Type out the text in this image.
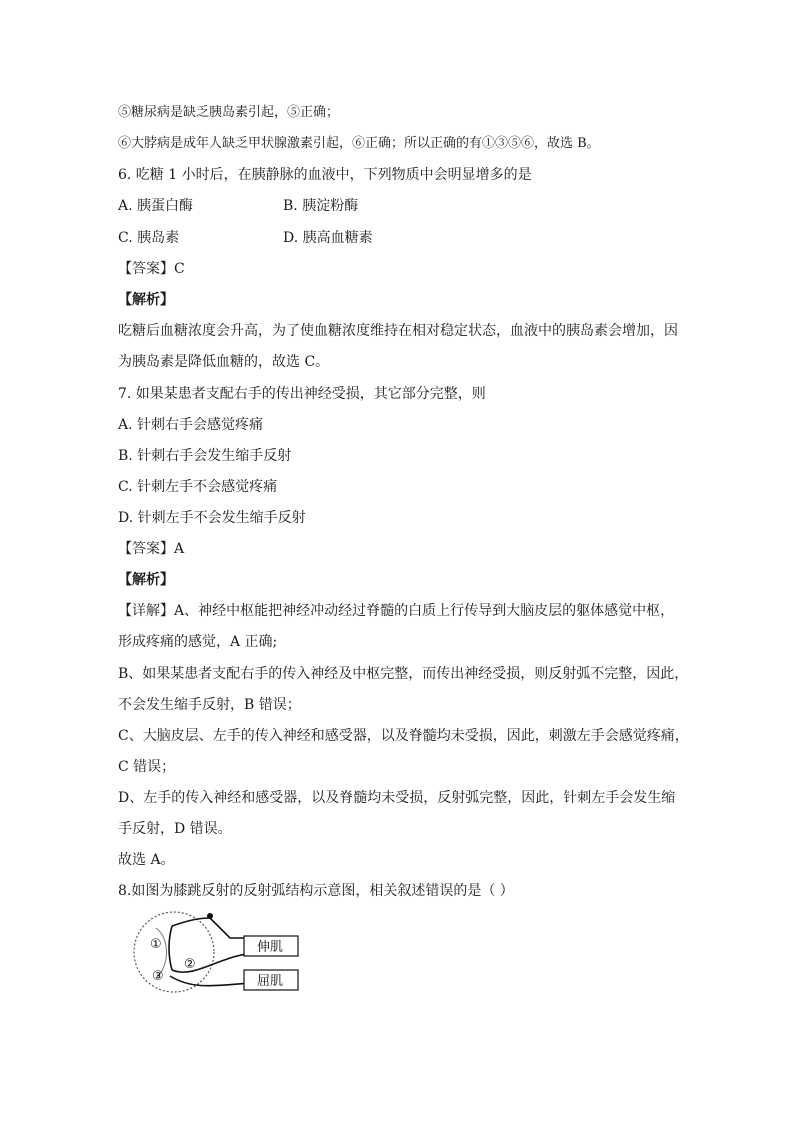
⑤糖尿病是缺乏胰岛素引起，⑤正确；
⑥大脖病是成年人缺乏甲状腺激素引起，⑥正确；所以正确的有①③⑤⑥，故选 B。
6. 吃糖 1 小时后，在胰静脉的血液中，下列物质中会明显增多的是
A. 胰蛋白酶	B. 胰淀粉酶
C. 胰岛素	D. 胰高血糖素
【答案】C
【解析】
吃糖后血糖浓度会升高，为了使血糖浓度维持在相对稳定状态，血液中的胰岛素会增加，因
为胰岛素是降低血糖的，故选 C。
7. 如果某患者支配右手的传出神经受损，其它部分完整，则
A. 针刺右手会感觉疼痛
B. 针刺右手会发生缩手反射
C. 针刺左手不会感觉疼痛
D. 针刺左手不会发生缩手反射
【答案】A
【解析】
【详解】A、神经中枢能把神经冲动经过脊髓的白质上行传导到大脑皮层的躯体感觉中枢，
形成疼痛的感觉，A 正确;
B、如果某患者支配右手的传入神经及中枢完整，而传出神经受损，则反射弧不完整，因此，
不会发生缩手反射，B 错误；
C、大脑皮层、左手的传入神经和感受器，以及脊髓均未受损，因此，刺激左手会感觉疼痛，
C 错误；
D、左手的传入神经和感受器，以及脊髓均未受损，反射弧完整，因此，针刺左手会发生缩
手反射，D 错误。
故选 A。
8.如图为膝跳反射的反射弧结构示意图，相关叙述错误的是（ ）
①
②
③
伸肌
屈肌
